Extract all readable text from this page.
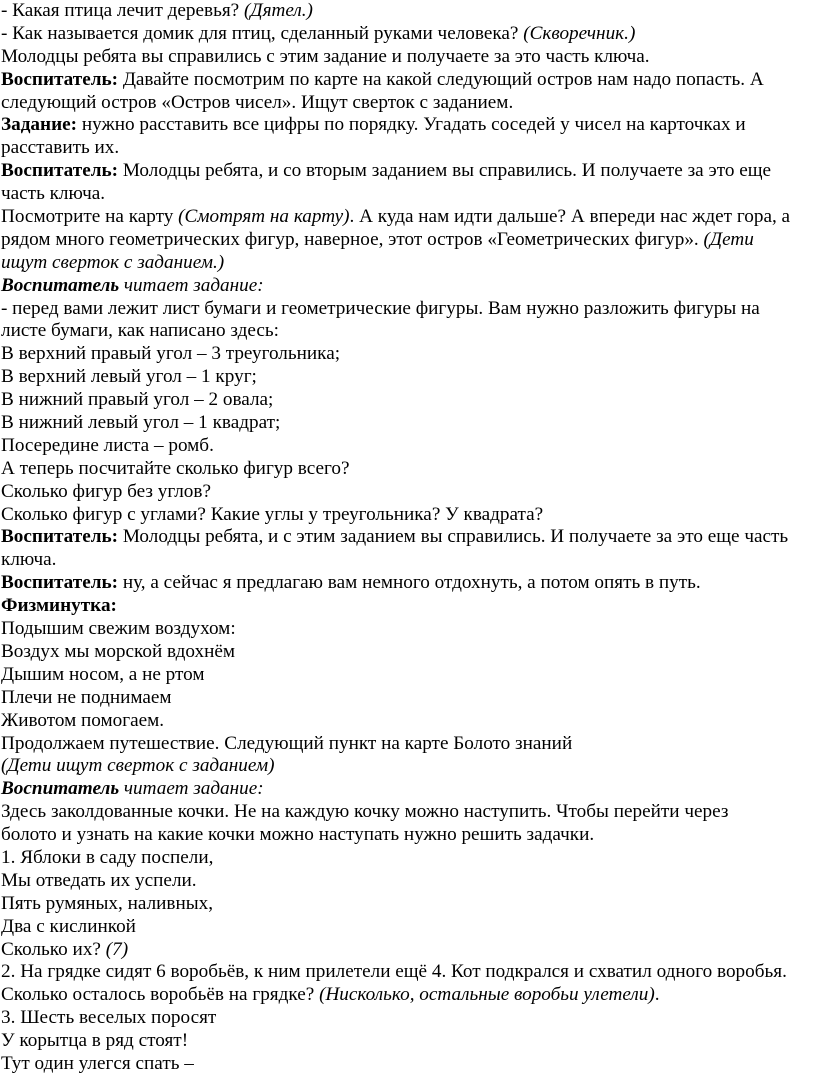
- Какая птица лечит деревья? (Дятел.)
- Как называется домик для птиц, сделанный руками человека? (Скворечник.)
Молодцы ребята вы справились с этим задание и получаете за это часть ключа.
Воспитатель: Давайте посмотрим по карте на какой следующий остров нам надо попасть. А
следующий остров «Остров чисел». Ищут сверток с заданием.
Задание: нужно расставить все цифры по порядку. Угадать соседей у чисел на карточках и
расставить их.
Воспитатель: Молодцы ребята, и со вторым заданием вы справились. И получаете за это еще
часть ключа.
Посмотрите на карту (Смотрят на карту). А куда нам идти дальше? А впереди нас ждет гора, а
рядом много геометрических фигур, наверное, этот остров «Геометрических фигур». (Дети
ищут сверток с заданием.)
Воспитатель читает задание:
- перед вами лежит лист бумаги и геометрические фигуры. Вам нужно разложить фигуры на
листе бумаги, как написано здесь:
В верхний правый угол – 3 треугольника;
В верхний левый угол – 1 круг;
В нижний правый угол – 2 овала;
В нижний левый угол – 1 квадрат;
Посередине листа – ромб.
А теперь посчитайте сколько фигур всего?
Сколько фигур без углов?
Сколько фигур с углами? Какие углы у треугольника? У квадрата?
Воспитатель: Молодцы ребята, и с этим заданием вы справились. И получаете за это еще часть
ключа.
Воспитатель: ну, а сейчас я предлагаю вам немного отдохнуть, а потом опять в путь.
Физминутка:
Подышим свежим воздухом:
Воздух мы морской вдохнём
Дышим носом, а не ртом
Плечи не поднимаем
Животом помогаем.
Продолжаем путешествие. Следующий пункт на карте Болото знаний
(Дети ищут сверток с заданием)
Воспитатель читает задание:
Здесь заколдованные кочки. Не на каждую кочку можно наступить. Чтобы перейти через
болото и узнать на какие кочки можно наступать нужно решить задачки.
1. Яблоки в саду поспели,
Мы отведать их успели.
Пять румяных, наливных,
Два с кислинкой
Сколько их? (7)
2. На грядке сидят 6 воробьёв, к ним прилетели ещё 4. Кот подкрался и схватил одного воробья.
Сколько осталось воробьёв на грядке? (Нисколько, остальные воробьи улетели).
3. Шесть веселых поросят
У корытца в ряд стоят!
Тут один улегся спать –
